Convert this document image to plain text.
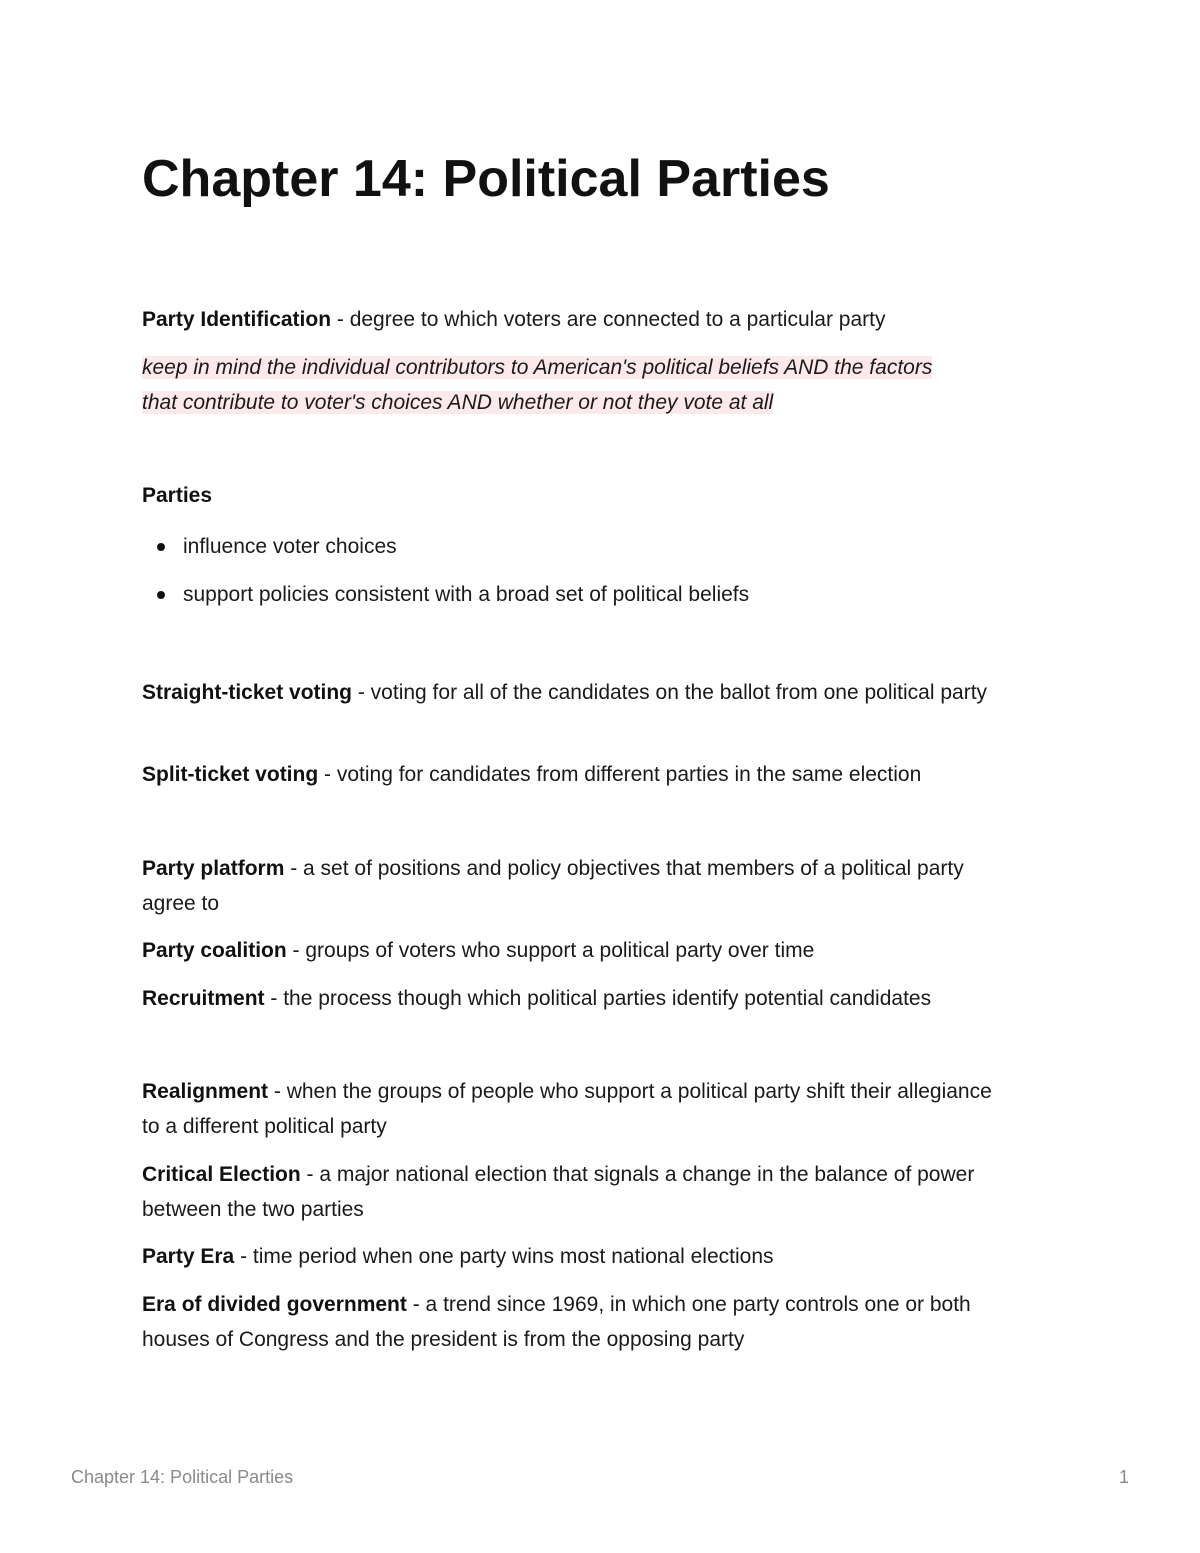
Chapter 14: Political Parties

Party Identification - degree to which voters are connected to a particular party

keep in mind the individual contributors to American's political beliefs AND the factors
that contribute to voter's choices AND whether or not they vote at all

Parties
influence voter choices
support policies consistent with a broad set of political beliefs

Straight-ticket voting - voting for all of the candidates on the ballot from one political party

Split-ticket voting - voting for candidates from different parties in the same election

Party platform - a set of positions and policy objectives that members of a political party agree to

Party coalition - groups of voters who support a political party over time

Recruitment - the process though which political parties identify potential candidates

Realignment - when the groups of people who support a political party shift their allegiance to a different political party

Critical Election - a major national election that signals a change in the balance of power between the two parties

Party Era - time period when one party wins most national elections

Era of divided government - a trend since 1969, in which one party controls one or both houses of Congress and the president is from the opposing party

Chapter 14: Political Parties	1
